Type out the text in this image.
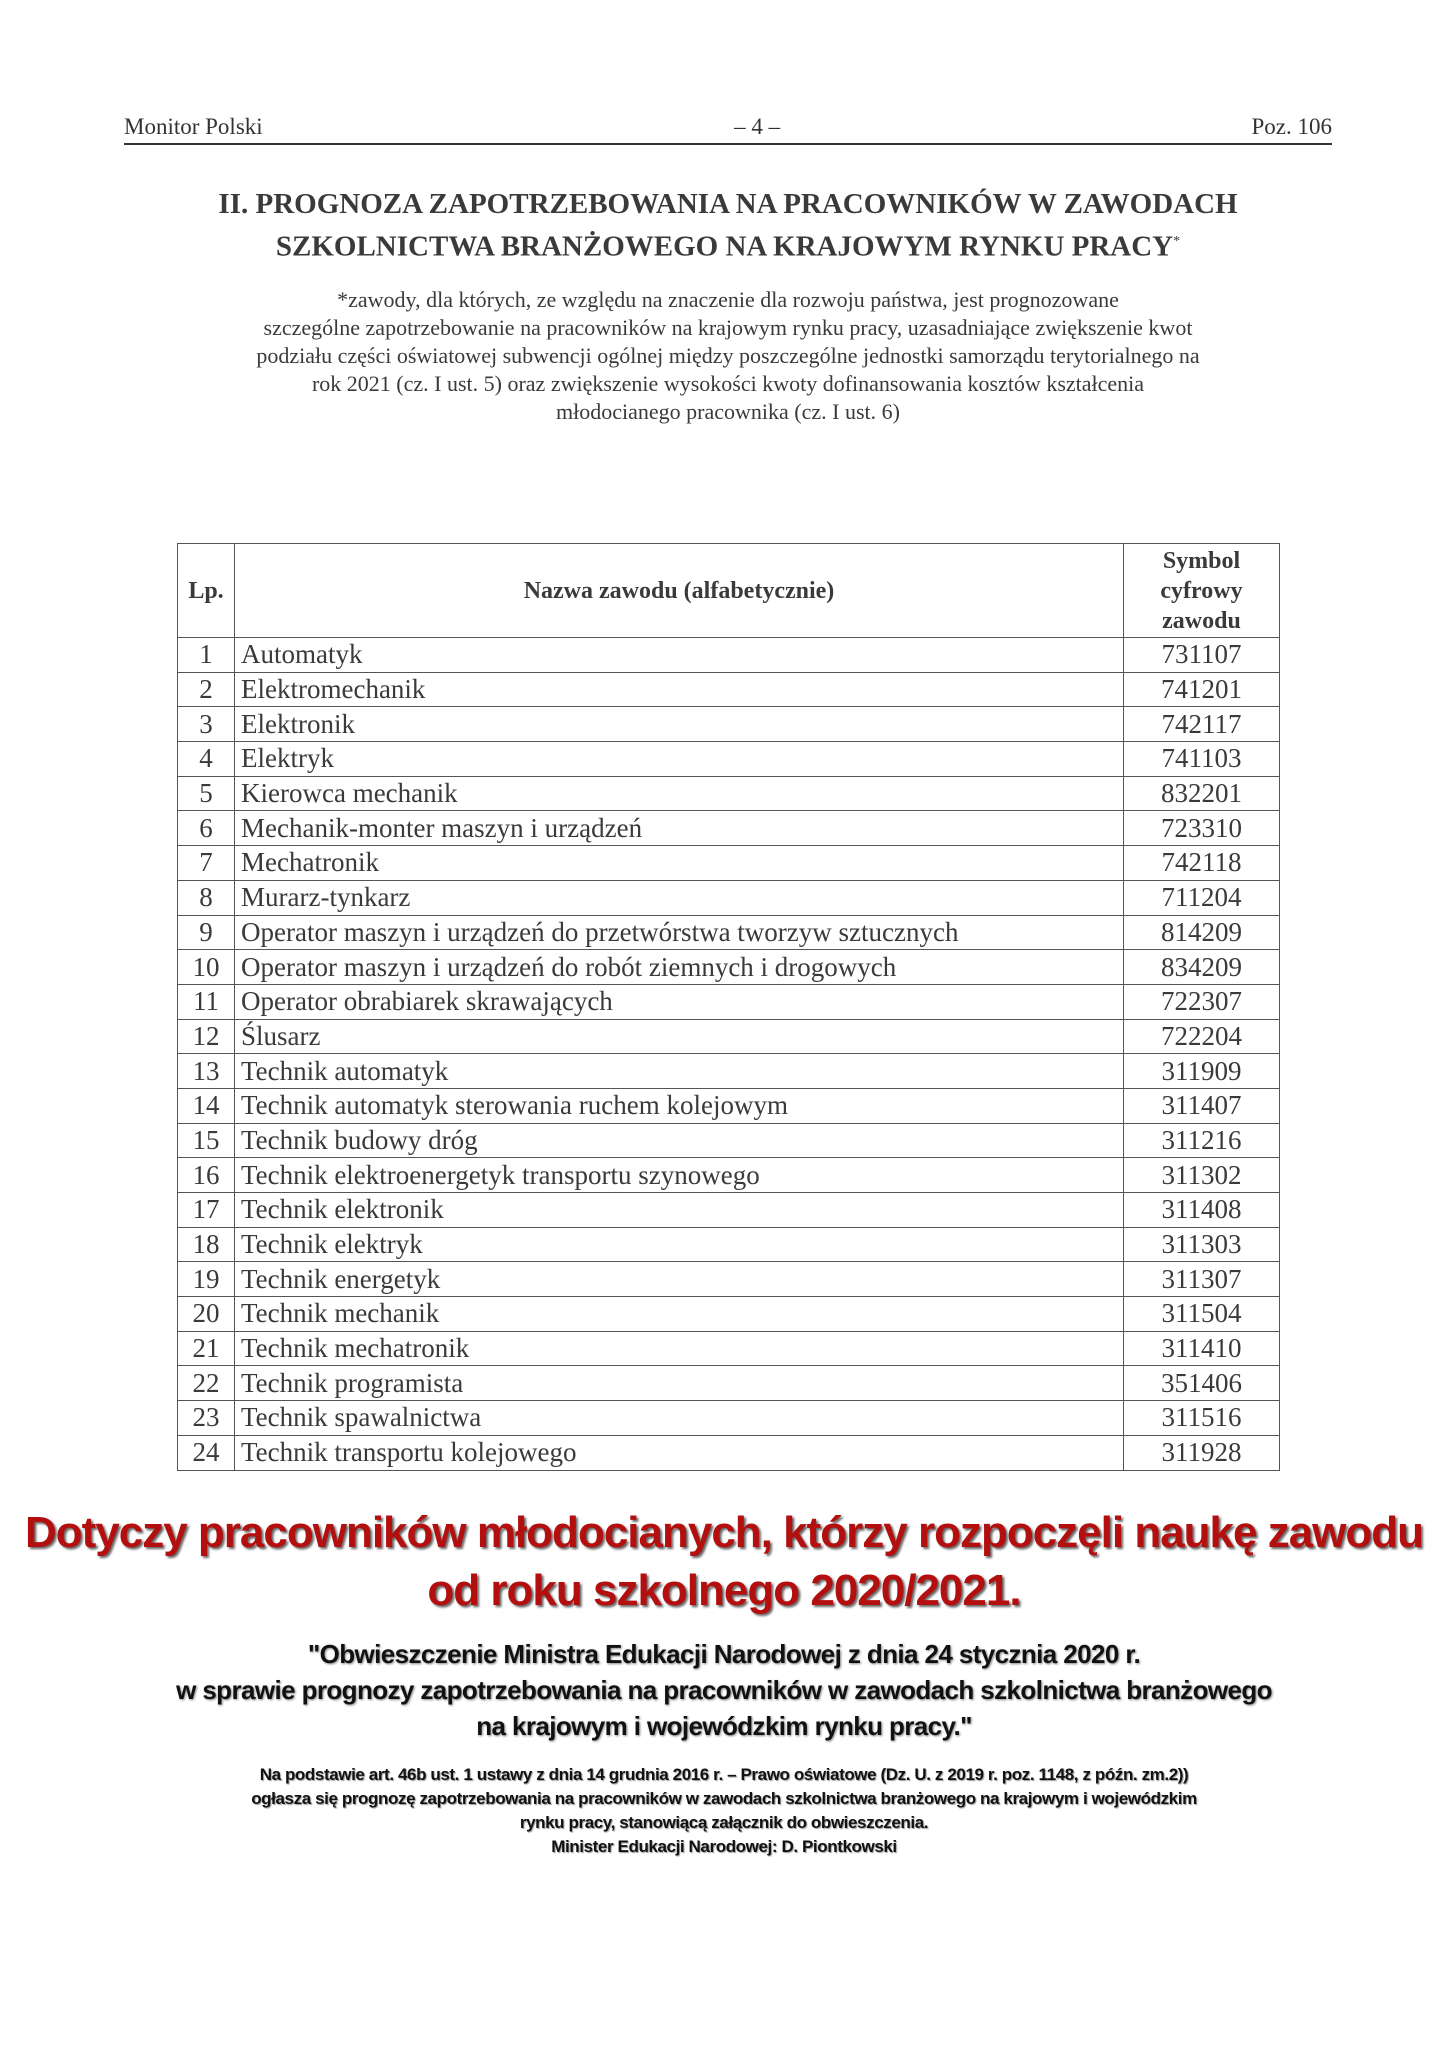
Monitor Polski	– 4 –	Poz. 106
II. PROGNOZA ZAPOTRZEBOWANIA NA PRACOWNIKÓW W ZAWODACH
SZKOLNICTWA BRANŻOWEGO NA KRAJOWYM RYNKU PRACY*
*zawody, dla których, ze względu na znaczenie dla rozwoju państwa, jest prognozowane
szczególne zapotrzebowanie na pracowników na krajowym rynku pracy, uzasadniające zwiększenie kwot
podziału części oświatowej subwencji ogólnej między poszczególne jednostki samorządu terytorialnego na
rok 2021 (cz. I ust. 5) oraz zwiększenie wysokości kwoty dofinansowania kosztów kształcenia
młodocianego pracownika (cz. I ust. 6)
Lp.	Nazwa zawodu (alfabetycznie)	Symbol
cyfrowy
zawodu

1	Automatyk	731107
2	Elektromechanik	741201
3	Elektronik	742117
4	Elektryk	741103
5	Kierowca mechanik	832201
6	Mechanik-monter maszyn i urządzeń	723310
7	Mechatronik	742118
8	Murarz-tynkarz	711204
9	Operator maszyn i urządzeń do przetwórstwa tworzyw sztucznych	814209
10	Operator maszyn i urządzeń do robót ziemnych i drogowych	834209
11	Operator obrabiarek skrawających	722307
12	Ślusarz	722204
13	Technik automatyk	311909
14	Technik automatyk sterowania ruchem kolejowym	311407
15	Technik budowy dróg	311216
16	Technik elektroenergetyk transportu szynowego	311302
17	Technik elektronik	311408
18	Technik elektryk	311303
19	Technik energetyk	311307
20	Technik mechanik	311504
21	Technik mechatronik	311410
22	Technik programista	351406
23	Technik spawalnictwa	311516
24	Technik transportu kolejowego	311928
Dotyczy pracowników młodocianych, którzy rozpoczęli naukę zawodu
od roku szkolnego 2020/2021.
"Obwieszczenie Ministra Edukacji Narodowej z dnia 24 stycznia 2020 r.
w sprawie prognozy zapotrzebowania na pracowników w zawodach szkolnictwa branżowego
na krajowym i wojewódzkim rynku pracy."
Na podstawie art. 46b ust. 1 ustawy z dnia 14 grudnia 2016 r. – Prawo oświatowe (Dz. U. z 2019 r. poz. 1148, z późn. zm.2))
ogłasza się prognozę zapotrzebowania na pracowników w zawodach szkolnictwa branżowego na krajowym i wojewódzkim
rynku pracy, stanowiącą załącznik do obwieszczenia.
Minister Edukacji Narodowej: D. Piontkowski
